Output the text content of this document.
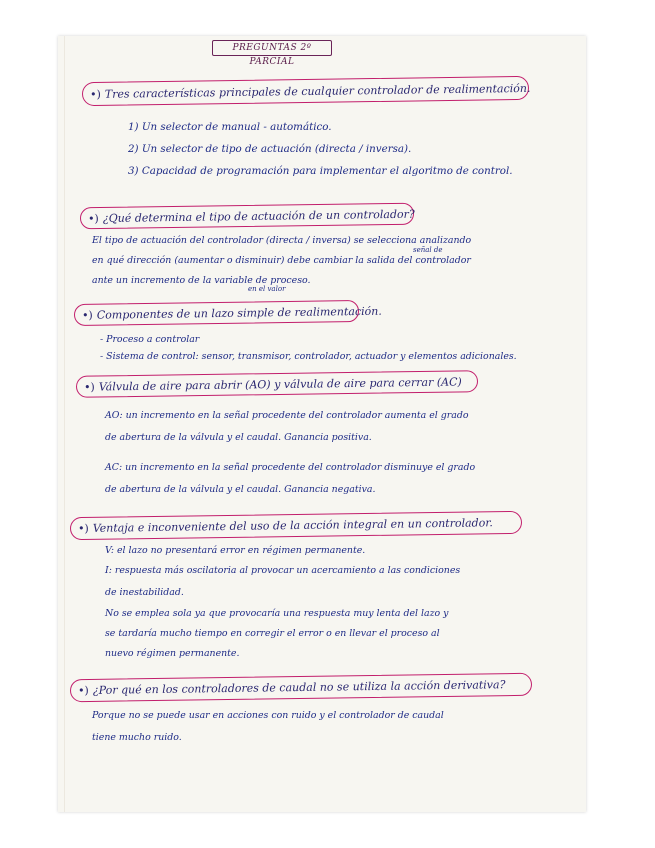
PREGUNTAS 2º PARCIAL
•) Tres características principales de cualquier controlador de realimentación.
1) Un selector de manual - automático.
2) Un selector de tipo de actuación (directa / inversa).
3) Capacidad de programación para implementar el algoritmo de control.
•) ¿Qué determina el tipo de actuación de un controlador?
El tipo de actuación del controlador (directa / inversa) se selecciona analizando
señal de
en qué dirección (aumentar o disminuir) debe cambiar la salida del controlador
ante un incremento de la variable de proceso.
en el valor
•) Componentes de un lazo simple de realimentación.
- Proceso a controlar
- Sistema de control: sensor, transmisor, controlador, actuador y elementos adicionales.
•) Válvula de aire para abrir (AO) y válvula de aire para cerrar (AC)
AO: un incremento en la señal procedente del controlador aumenta el grado
de abertura de la válvula y el caudal. Ganancia positiva.
AC: un incremento en la señal procedente del controlador disminuye el grado
de abertura de la válvula y el caudal. Ganancia negativa.
•) Ventaja e inconveniente del uso de la acción integral en un controlador.
V: el lazo no presentará error en régimen permanente.
I: respuesta más oscilatoria al provocar un acercamiento a las condiciones
de inestabilidad.
No se emplea sola ya que provocaría una respuesta muy lenta del lazo y
se tardaría mucho tiempo en corregir el error o en llevar el proceso al
nuevo régimen permanente.
•) ¿Por qué en los controladores de caudal no se utiliza la acción derivativa?
Porque no se puede usar en acciones con ruido y el controlador de caudal
tiene mucho ruido.
